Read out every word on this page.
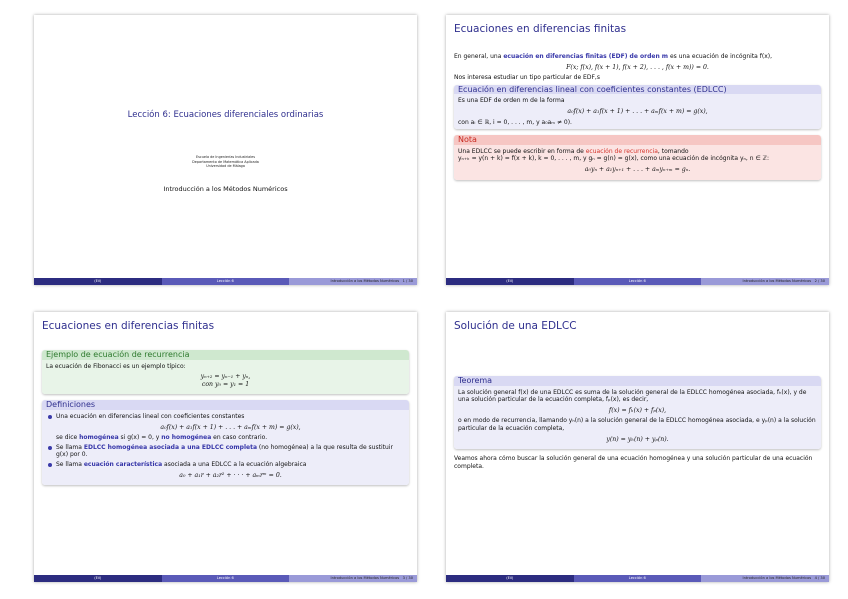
Lección 6: Ecuaciones diferenciales ordinarias
Escuela de Ingenierías Industriales
Departamento de Matemática Aplicada
Universidad de Málaga
Introducción a los Métodos Numéricos
(Eil)	Lección 6	Introducción a los Métodos Numéricos 1 / 30
Ecuaciones en diferencias finitas

En general, una ecuación en diferencias finitas (EDF) de orden m es una ecuación de incógnita f(x),

F(x; f(x), f(x + 1), f(x + 2), . . . , f(x + m)) = 0.

Nos interesa estudiar un tipo particular de EDF,s

Ecuación en diferencias lineal con coeficientes constantes (EDLCC)
Es una EDF de orden m de la forma
a₀f(x) + a₁f(x + 1) + . . . + aₘf(x + m) = g(x),
con aᵢ ∈ ℝ, i = 0, . . . , m, y a₀aₘ ≠ 0).
Nota
Una EDLCC se puede escribir en forma de ecuación de recurrencia, tomando
yₙ₊ₖ = y(n + k) = f(x + k), k = 0, . . . , m, y gₙ = g(n) = g(x), como una ecuación de incógnita yₙ, n ∈ ℤ:
a₀yₙ + a₁yₙ₊₁ + . . . + aₘyₙ₊ₘ = gₙ.
(Eil)	Lección 6	Introducción a los Métodos Numéricos 2 / 30
Ecuaciones en diferencias finitas
Ejemplo de ecuación de recurrencia
La ecuación de Fibonacci es un ejemplo típico:
yₙ₊₂ = yₙ₋₁ + yₙ,
con y₀ = y₁ = 1
Definiciones
Una ecuación en diferencias lineal con coeficientes constantes
a₀f(x) + a₁f(x + 1) + . . . + aₘf(x + m) = g(x),
se dice homogénea si g(x) = 0, y no homogénea en caso contrario.
Se llama EDLCC homogénea asociada a una EDLCC completa (no homogénea) a la que resulta de sustituir g(x) por 0.
Se llama ecuación característica asociada a una EDLCC a la ecuación algebraica
a₀ + a₁r + a₂r² + · · · + aₘrᵐ = 0.
(Eil)	Lección 6	Introducción a los Métodos Numéricos 3 / 30
Solución de una EDLCC
Teorema
La solución general f(x) de una EDLCC es suma de la solución general de la EDLCC homogénea asociada, fₕ(x), y de una solución particular de la ecuación completa, fₚ(x), es decir,
f(x) = fₕ(x) + fₚ(x),
o en modo de recurrencia, llamando yₕ(n) a la solución general de la EDLCC homogénea asociada, e yₚ(n) a la solución particular de la ecuación completa,
y(n) = yₕ(n) + yₚ(n).

Veamos ahora cómo buscar la solución general de una ecuación homogénea y una solución particular de una ecuación completa.

(Eil)	Lección 6	Introducción a los Métodos Numéricos 4 / 30
